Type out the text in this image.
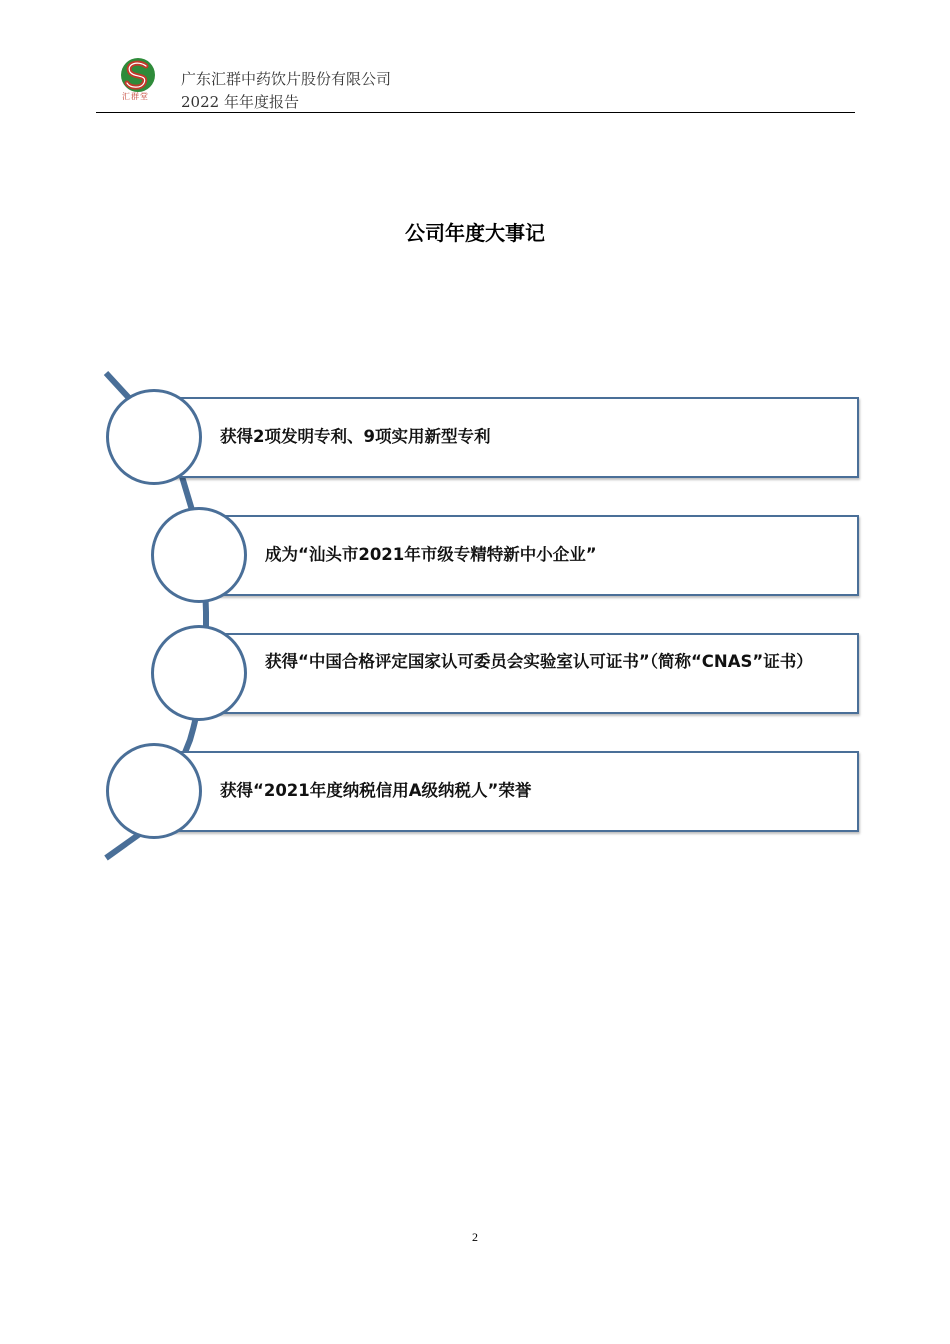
汇群堂
广东汇群中药饮片股份有限公司
2022 年年度报告
公司年度大事记
获得2项发明专利、9项实用新型专利
成为“汕头市2021年市级专精特新中小企业”
获得“中国合格评定国家认可委员会实验室认可证书”（简称“CNAS”证书）
获得“2021年度纳税信用A级纳税人”荣誉
2
